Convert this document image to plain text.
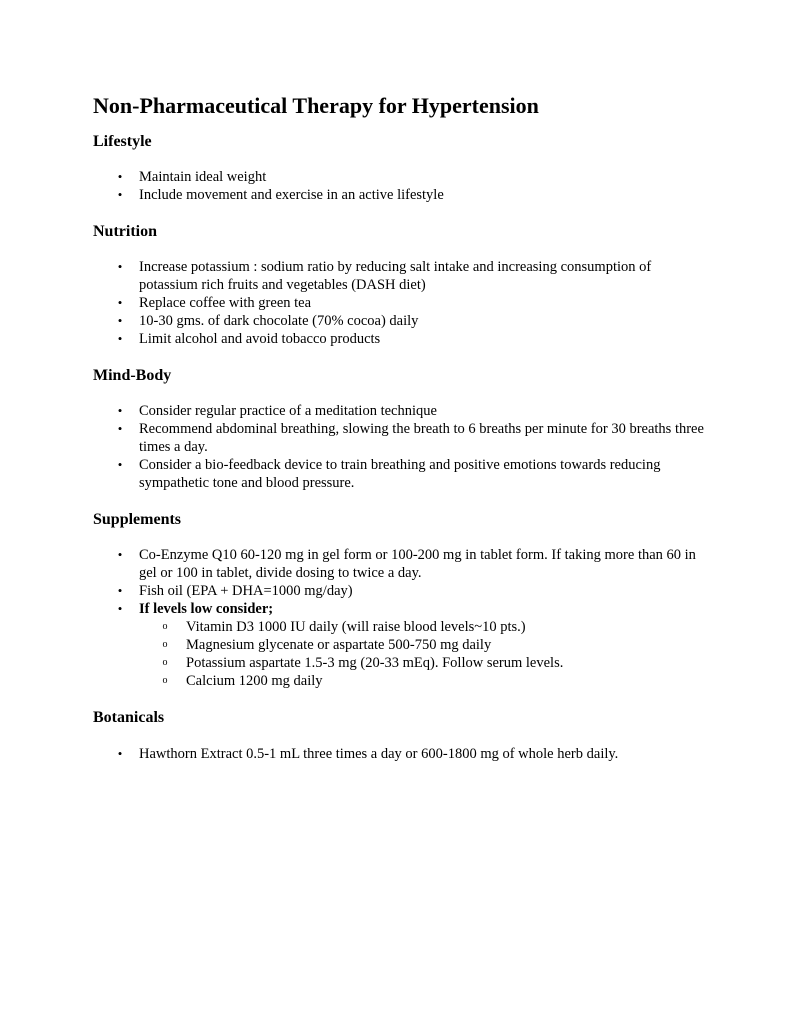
Non-Pharmaceutical Therapy for Hypertension
Lifestyle
• Maintain ideal weight
• Include movement and exercise in an active lifestyle
Nutrition
• Increase potassium : sodium ratio by reducing salt intake and increasing consumption of potassium rich fruits and vegetables (DASH diet)
• Replace coffee with green tea
• 10-30 gms. of dark chocolate (70% cocoa) daily
• Limit alcohol and avoid tobacco products
Mind-Body
• Consider regular practice of a meditation technique
• Recommend abdominal breathing, slowing the breath to 6 breaths per minute for 30 breaths three times a day.
• Consider a bio-feedback device to train breathing and positive emotions towards reducing sympathetic tone and blood pressure.
Supplements
• Co-Enzyme Q10 60-120 mg in gel form or 100-200 mg in tablet form. If taking more than 60 in gel or 100 in tablet, divide dosing to twice a day.
• Fish oil (EPA + DHA=1000 mg/day)
• If levels low consider;
o Vitamin D3 1000 IU daily (will raise blood levels~10 pts.)
o Magnesium glycenate or aspartate 500-750 mg daily
o Potassium aspartate 1.5-3 mg (20-33 mEq). Follow serum levels.
o Calcium 1200 mg daily
Botanicals
• Hawthorn Extract 0.5-1 mL three times a day or 600-1800 mg of whole herb daily.
